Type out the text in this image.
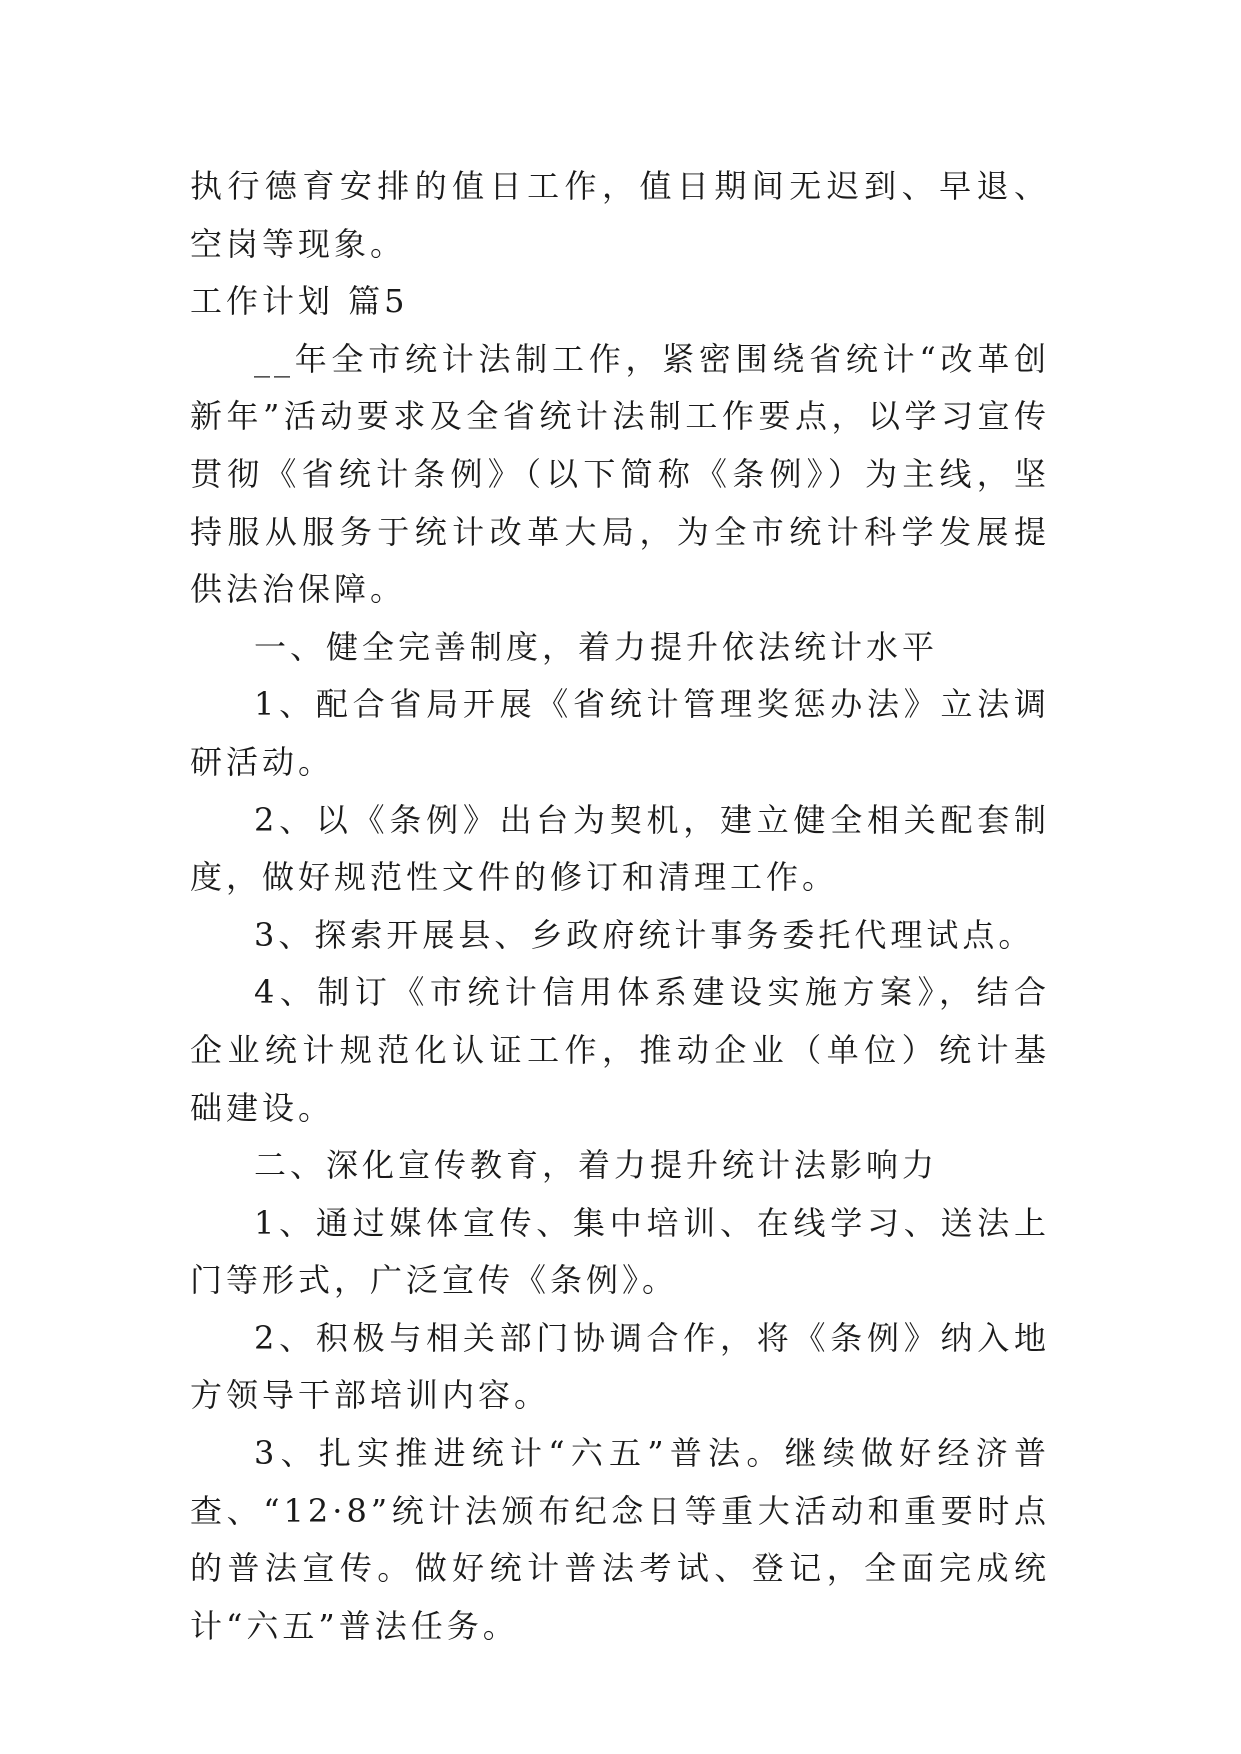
执行德育安排的值日工作，值日期间无迟到、早退、空岗等现象。

工作计划 篇5

__年全市统计法制工作，紧密围绕省统计“改革创新年”活动要求及全省统计法制工作要点，以学习宣传贯彻《省统计条例》（以下简称《条例》）为主线，坚持服从服务于统计改革大局，为全市统计科学发展提供法治保障。

一、健全完善制度，着力提升依法统计水平

1、配合省局开展《省统计管理奖惩办法》立法调研活动。

2、以《条例》出台为契机，建立健全相关配套制度，做好规范性文件的修订和清理工作。

3、探索开展县、乡政府统计事务委托代理试点。

4、制订《市统计信用体系建设实施方案》，结合企业统计规范化认证工作，推动企业（单位）统计基础建设。

二、深化宣传教育，着力提升统计法影响力

1、通过媒体宣传、集中培训、在线学习、送法上门等形式，广泛宣传《条例》。

2、积极与相关部门协调合作，将《条例》纳入地方领导干部培训内容。

3、扎实推进统计“六五”普法。继续做好经济普查、“12·8”统计法颁布纪念日等重大活动和重要时点的普法宣传。做好统计普法考试、登记，全面完成统计“六五”普法任务。
